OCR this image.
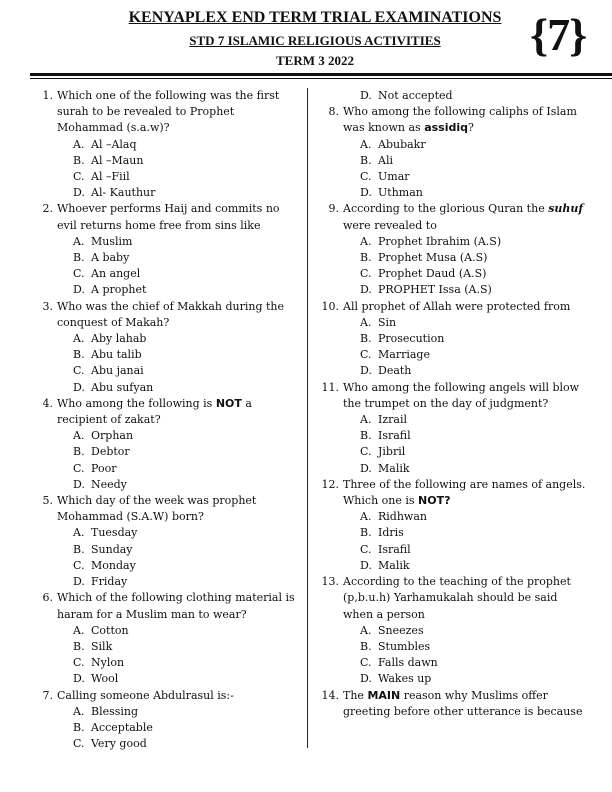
KENYAPLEX END TERM TRIAL EXAMINATIONS
STD 7 ISLAMIC RELIGIOUS ACTIVITIES
TERM 3 2022
{7}
1. Which one of the following was the first surah to be revealed to Prophet Mohammad (s.a.w)?
A. Al –Alaq
B. Al –Maun
C. Al –Fiil
D. Al- Kauthur
2. Whoever performs Haij and commits no evil returns home free from sins like
A. Muslim
B. A baby
C. An angel
D. A prophet
3. Who was the chief of Makkah during the conquest of Makah?
A. Aby lahab
B. Abu talib
C. Abu janai
D. Abu sufyan
4. Who among the following is NOT a recipient of zakat?
A. Orphan
B. Debtor
C. Poor
D. Needy
5. Which day of the week was prophet Mohammad (S.A.W) born?
A. Tuesday
B. Sunday
C. Monday
D. Friday
6. Which of the following clothing material is haram for a Muslim man to wear?
A. Cotton
B. Silk
C. Nylon
D. Wool
7. Calling someone Abdulrasul is:-
A. Blessing
B. Acceptable
C. Very good
D. Not accepted
8. Who among the following caliphs of Islam was known as assidiq?
A. Abubakr
B. Ali
C. Umar
D. Uthman
9. According to the glorious Quran the suhuf were revealed to
A. Prophet Ibrahim (A.S)
B. Prophet Musa (A.S)
C. Prophet Daud (A.S)
D. PROPHET Issa (A.S)
10. All prophet of Allah were protected from
A. Sin
B. Prosecution
C. Marriage
D. Death
11. Who among the following angels will blow the trumpet on the day of judgment?
A. Izrail
B. Israfil
C. Jibril
D. Malik
12. Three of the following are names of angels. Which one is NOT?
A. Ridhwan
B. Idris
C. Israfil
D. Malik
13. According to the teaching of the prophet (p,b.u.h) Yarhamukalah should be said when a person
A. Sneezes
B. Stumbles
C. Falls dawn
D. Wakes up
14. The MAIN reason why Muslims offer greeting before other utterance is because
